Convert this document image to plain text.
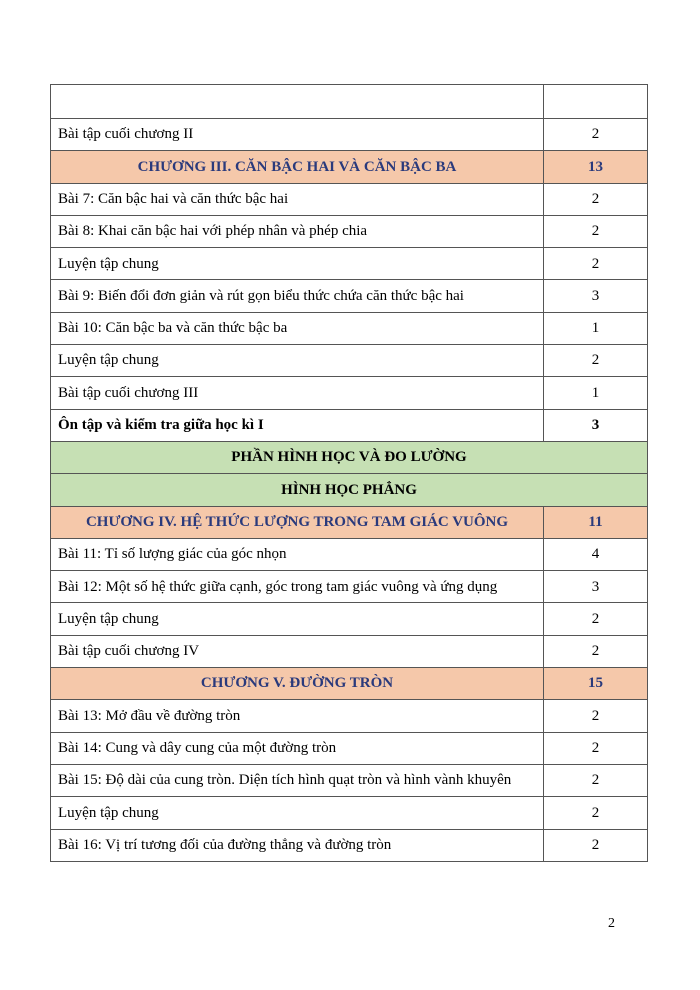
Bài tập cuối chương II	2
CHƯƠNG III. CĂN BẬC HAI VÀ CĂN BẬC BA	13
Bài 7: Căn bậc hai và căn thức bậc hai	2
Bài 8: Khai căn bậc hai với phép nhân và phép chia	2
Luyện tập chung	2
Bài 9: Biến đổi đơn giản và rút gọn biểu thức chứa căn thức bậc hai	3
Bài 10: Căn bậc ba và căn thức bậc ba	1
Luyện tập chung	2
Bài tập cuối chương III	1
Ôn tập và kiểm tra giữa học kì I	3
PHẦN HÌNH HỌC VÀ ĐO LƯỜNG	
HÌNH HỌC PHẲNG	
CHƯƠNG IV. HỆ THỨC LƯỢNG TRONG TAM GIÁC VUÔNG	11
Bài 11: Tỉ số lượng giác của góc nhọn	4
Bài 12: Một số hệ thức giữa cạnh, góc trong tam giác vuông và ứng dụng	3
Luyện tập chung	2
Bài tập cuối chương IV	2
CHƯƠNG V. ĐƯỜNG TRÒN	15
Bài 13: Mở đầu về đường tròn	2
Bài 14: Cung và dây cung của một đường tròn	2
Bài 15: Độ dài của cung tròn. Diện tích hình quạt tròn và hình vành khuyên	2
Luyện tập chung	2
Bài 16: Vị trí tương đối của đường thẳng và đường tròn	2
2
